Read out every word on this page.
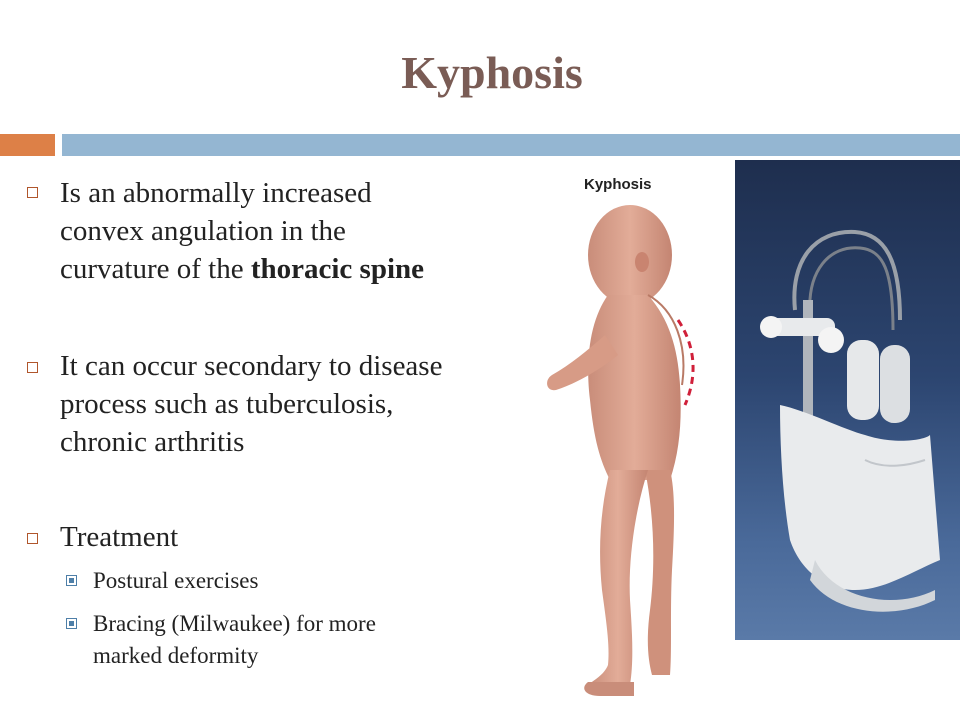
Kyphosis
Is an abnormally increased
convex angulation in the
curvature of the thoracic spine
It can occur secondary to disease
process such as tuberculosis,
chronic arthritis
Treatment
Postural exercises
Bracing (Milwaukee) for more
marked deformity
Kyphosis
